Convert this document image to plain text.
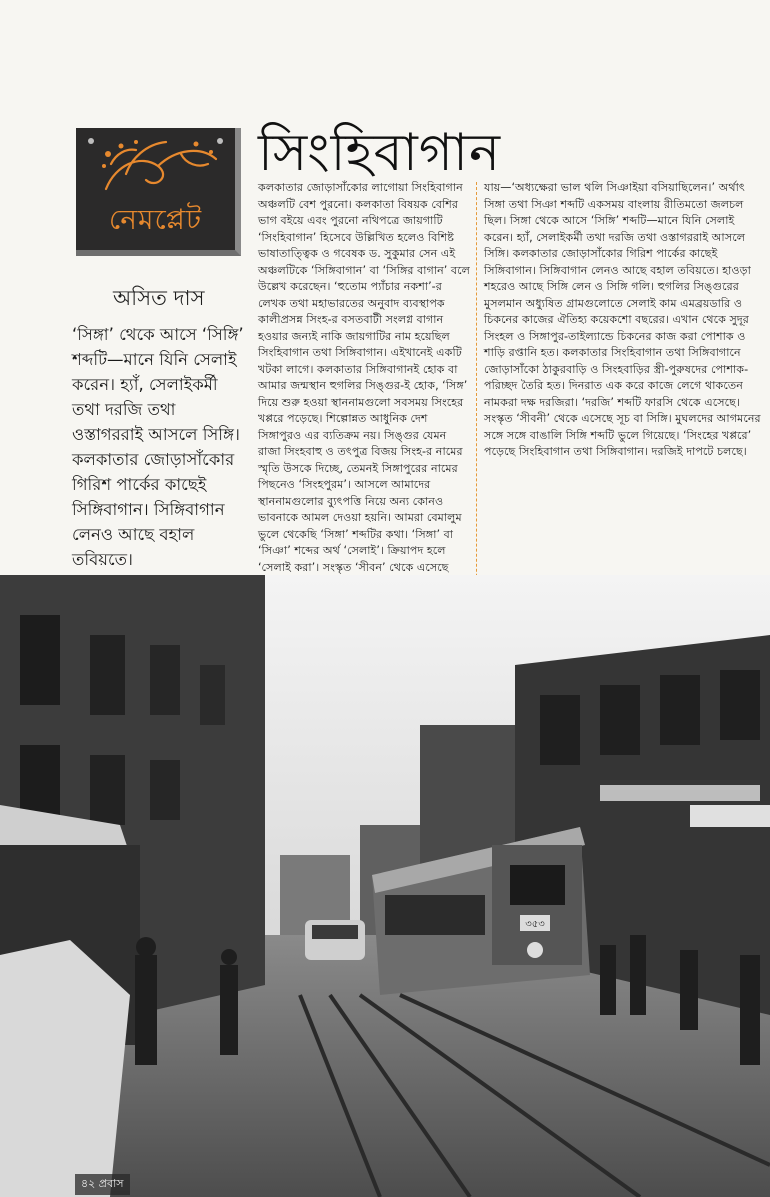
নেমপ্লেট
সিংহিবাগান
অসিত দাস
‘সিঙ্গা’ থেকে আসে ‘সিঙ্গি’ শব্দটি—মানে যিনি সেলাই করেন। হ্যাঁ, সেলাইকর্মী তথা দরজি তথা ওস্তাগররাই আসলে সিঙ্গি। কলকাতার জোড়াসাঁকোর গিরিশ পার্কের কাছেই সিঙ্গিবাগান। সিঙ্গিবাগান লেনও আছে বহাল তবিয়তে।

কলকাতার জোড়াসাঁকোর লাগোয়া সিংহিবাগান অঞ্চলটি বেশ পুরনো। কলকাতা বিষয়ক বেশির ভাগ বইয়ে এবং পুরনো নথিপত্রে জায়গাটি ‘সিংহিবাগান’ হিসেবে উল্লিখিত হলেও বিশিষ্ট ভাষাতাত্ত্বিক ও গবেষক ড. সুকুমার সেন এই অঞ্চলটিকে ‘সিঙ্গিবাগান’ বা ‘সিঙ্গির বাগান’ বলে উল্লেখ করেছেন। ‘হুতোম প্যাঁচার নকশা’-র লেখক তথা মহাভারতের অনুবাদ ব্যবস্থাপক কালীপ্রসন্ন সিংহ-র বসতবাটী সংলগ্ন বাগান হওয়ার জন্যই নাকি জায়গাটির নাম হয়েছিল সিংহিবাগান তথা সিঙ্গিবাগান। এইখানেই একটি খটকা লাগে। কলকাতার সিঙ্গিবাগানই হোক বা আমার জন্মস্থান হুগলির সিঙ্গুর-ই হোক, ‘সিঙ্গ’ দিয়ে শুরু হওয়া স্থাননামগুলো সবসময় সিংহের খপ্পরে পড়েছে। শিল্পোন্নত আধুনিক দেশ সিঙ্গাপুরও এর ব্যতিক্রম নয়। সিঙ্গুর যেমন রাজা সিংহবাহু ও তৎপুত্র বিজয় সিংহ-র নামের স্মৃতি উসকে দিচ্ছে, তেমনই সিঙ্গাপুরের নামের পিছনেও ‘সিংহপুরম’। আসলে আমাদের স্থাননামগুলোর ব্যুৎপত্তি নিয়ে অন্য কোনও ভাবনাকে আমল দেওয়া হয়নি। আমরা বেমালুম ভুলে থেকেছি ‘সিঙ্গা’ শব্দটির কথা। ‘সিঙ্গা’ বা ‘সিঞা’ শব্দের অর্থ ‘সেলাই’। ক্রিয়াপদ হলে ‘সেলাই করা’। সংস্কৃত ‘সীবন’ থেকে এসেছে

যায়—‘অধ্যক্ষেরা ভাল থলি সিঞাইয়া বসিয়াছিলেন।’ অর্থাৎ সিঙ্গা তথা সিঞা শব্দটি একসময় বাংলায় রীতিমতো জলচল ছিল। সিঙ্গা থেকে আসে ‘সিঙ্গি’ শব্দটি—মানে যিনি সেলাই করেন। হ্যাঁ, সেলাইকর্মী তথা দরজি তথা ওস্তাগররাই আসলে সিঙ্গি। কলকাতার জোড়াসাঁকোর গিরিশ পার্কের কাছেই সিঙ্গিবাগান। সিঙ্গিবাগান লেনও আছে বহাল তবিয়তে। হাওড়া শহরেও আছে সিঙ্গি লেন ও সিঙ্গি গলি। হুগলির সিঙ্গুরের মুসলমান অধ্যুষিত গ্রামগুলোতে সেলাই কাম এমব্রয়ডারি ও চিকনের কাজের ঐতিহ্য কয়েকশো বছরের। এখান থেকে সুদূর সিংহল ও সিঙ্গাপুর-তাইল্যান্ডে চিকনের কাজ করা পোশাক ও শাড়ি রপ্তানি হত। কলকাতার সিংহিবাগান তথা সিঙ্গিবাগানে জোড়াসাঁকো ঠাকুরবাড়ি ও সিংহবাড়ির স্ত্রী-পুরুষদের পোশাক-পরিচ্ছদ তৈরি হত। দিনরাত এক করে কাজে লেগে থাকতেন নামকরা দক্ষ দরজিরা। ‘দরজি’ শব্দটি ফারসি থেকে এসেছে। সংস্কৃত ‘সীবনী’ থেকে এসেছে সূচ বা সিঙ্গি। মুঘলদের আগমনের সঙ্গে সঙ্গে বাঙালি সিঙ্গি শব্দটি ভুলে গিয়েছে। ‘সিংহের খপ্পরে’ পড়েছে সিংহিবাগান তথা সিঙ্গিবাগান। দরজিই দাপটে চলছে।

৩৫৩
৪২ প্রবাস
